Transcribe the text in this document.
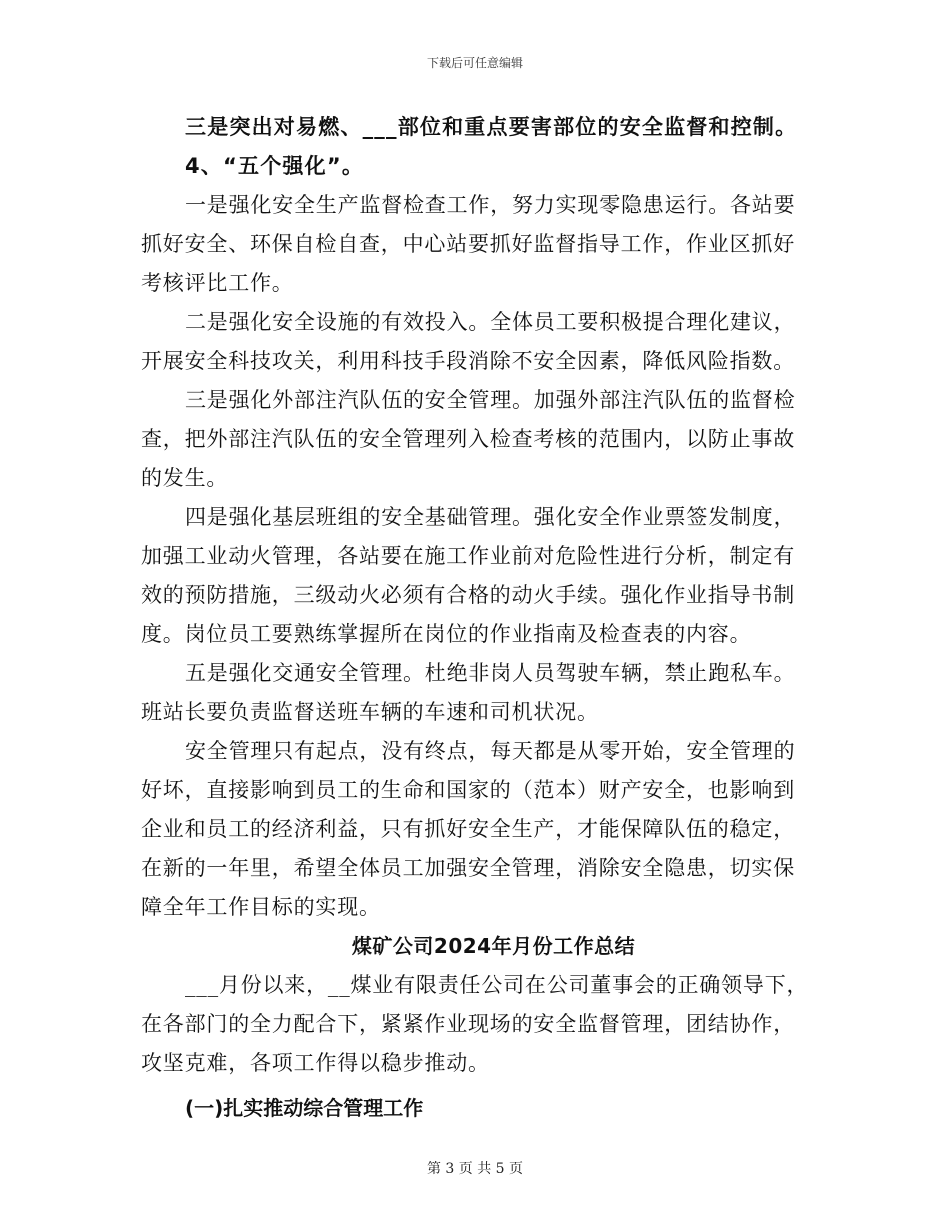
下载后可任意编辑

三是突出对易燃、___部位和重点要害部位的安全监督和控制。

4、“五个强化”。

一是强化安全生产监督检查工作，努力实现零隐患运行。各站要

抓好安全、环保自检自查，中心站要抓好监督指导工作，作业区抓好

考核评比工作。

二是强化安全设施的有效投入。全体员工要积极提合理化建议，

开展安全科技攻关，利用科技手段消除不安全因素，降低风险指数。

三是强化外部注汽队伍的安全管理。加强外部注汽队伍的监督检

查，把外部注汽队伍的安全管理列入检查考核的范围内，以防止事故

的发生。

四是强化基层班组的安全基础管理。强化安全作业票签发制度，

加强工业动火管理，各站要在施工作业前对危险性进行分析，制定有

效的预防措施，三级动火必须有合格的动火手续。强化作业指导书制

度。岗位员工要熟练掌握所在岗位的作业指南及检查表的内容。

五是强化交通安全管理。杜绝非岗人员驾驶车辆，禁止跑私车。

班站长要负责监督送班车辆的车速和司机状况。

安全管理只有起点，没有终点，每天都是从零开始，安全管理的

好坏，直接影响到员工的生命和国家的（范本）财产安全，也影响到

企业和员工的经济利益，只有抓好安全生产，才能保障队伍的稳定，

在新的一年里，希望全体员工加强安全管理，消除安全隐患，切实保

障全年工作目标的实现。

煤矿公司2024年月份工作总结

___月份以来，__煤业有限责任公司在公司董事会的正确领导下，

在各部门的全力配合下，紧紧作业现场的安全监督管理，团结协作，

攻坚克难，各项工作得以稳步推动。

(一)扎实推动综合管理工作

第 3 页 共 5 页
